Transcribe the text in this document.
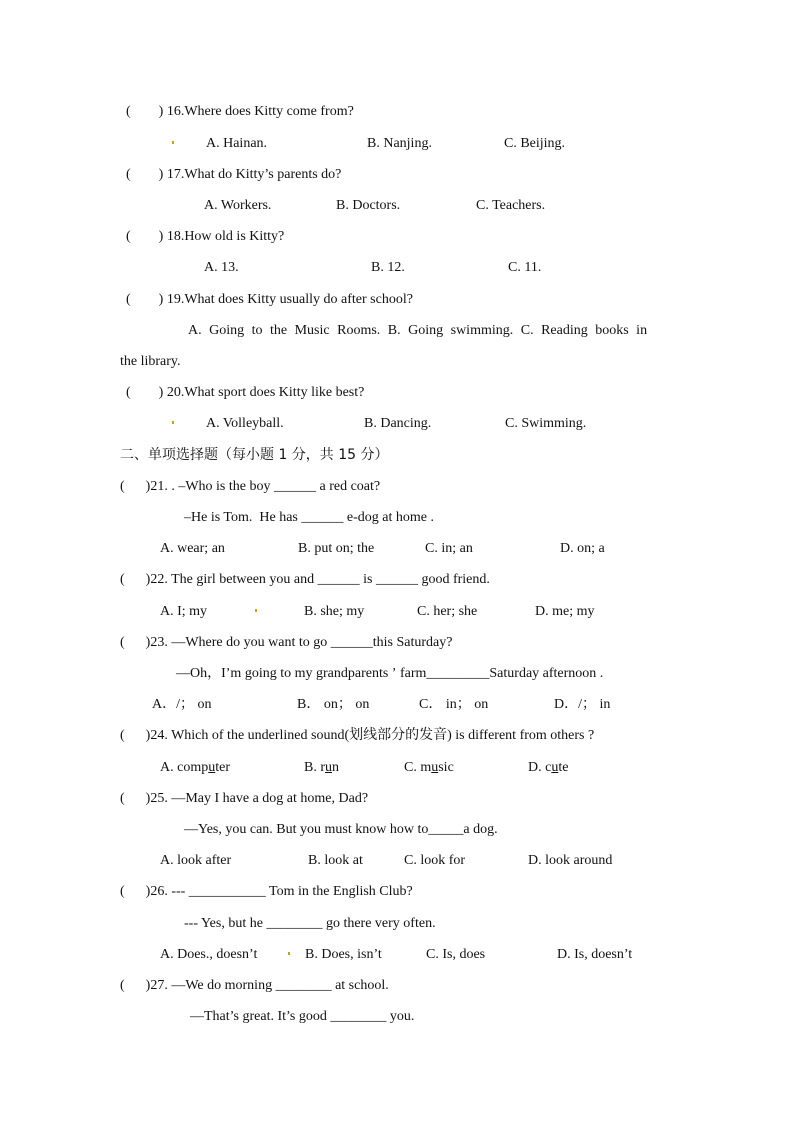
(        ) 16.Where does Kitty come from?
A. Hainan.	B. Nanjing.	C. Beijing.
(        ) 17.What do Kitty’s parents do?
A. Workers.	B. Doctors.	C. Teachers.
(        ) 18.How old is Kitty?
A. 13.	B. 12.	C. 11.
(        ) 19.What does Kitty usually do after school?
A. Going to the Music Rooms. B. Going swimming. C. Reading books in
the library.
(        ) 20.What sport does Kitty like best?
A. Volleyball.	B. Dancing.	C. Swimming.
二、单项选择题（每小题 1 分，共 15 分）
(      )21. . –Who is the boy ______ a red coat?
–He is Tom.  He has ______ e-dog at home .
A. wear; an	B. put on; the	C. in; an	D. on; a
(      )22. The girl between you and ______ is ______ good friend.
A. I; my	B. she; my	C. her; she	D. me; my
(      )23. —Where do you want to go ______this Saturday?
—Oh，I’m going to my grandparents ʼ farm_________Saturday afternoon .
A．/； on	B． on； on	C． in； on	D．/； in
(      )24. Which of the underlined sound(划线部分的发音) is different from others ?
A. computer	B. run	C. music	D. cute
(      )25. —May I have a dog at home, Dad?
—Yes, you can. But you must know how to_____a dog.
A. look after	B. look at	C. look for	D. look around
(      )26. --- ___________ Tom in the English Club?
--- Yes, but he ________ go there very often.
A. Does., doesn’t	B. Does, isn’t	C. Is, does	D. Is, doesn’t
(      )27. —We do morning ________ at school.
—That’s great. It’s good ________ you.
